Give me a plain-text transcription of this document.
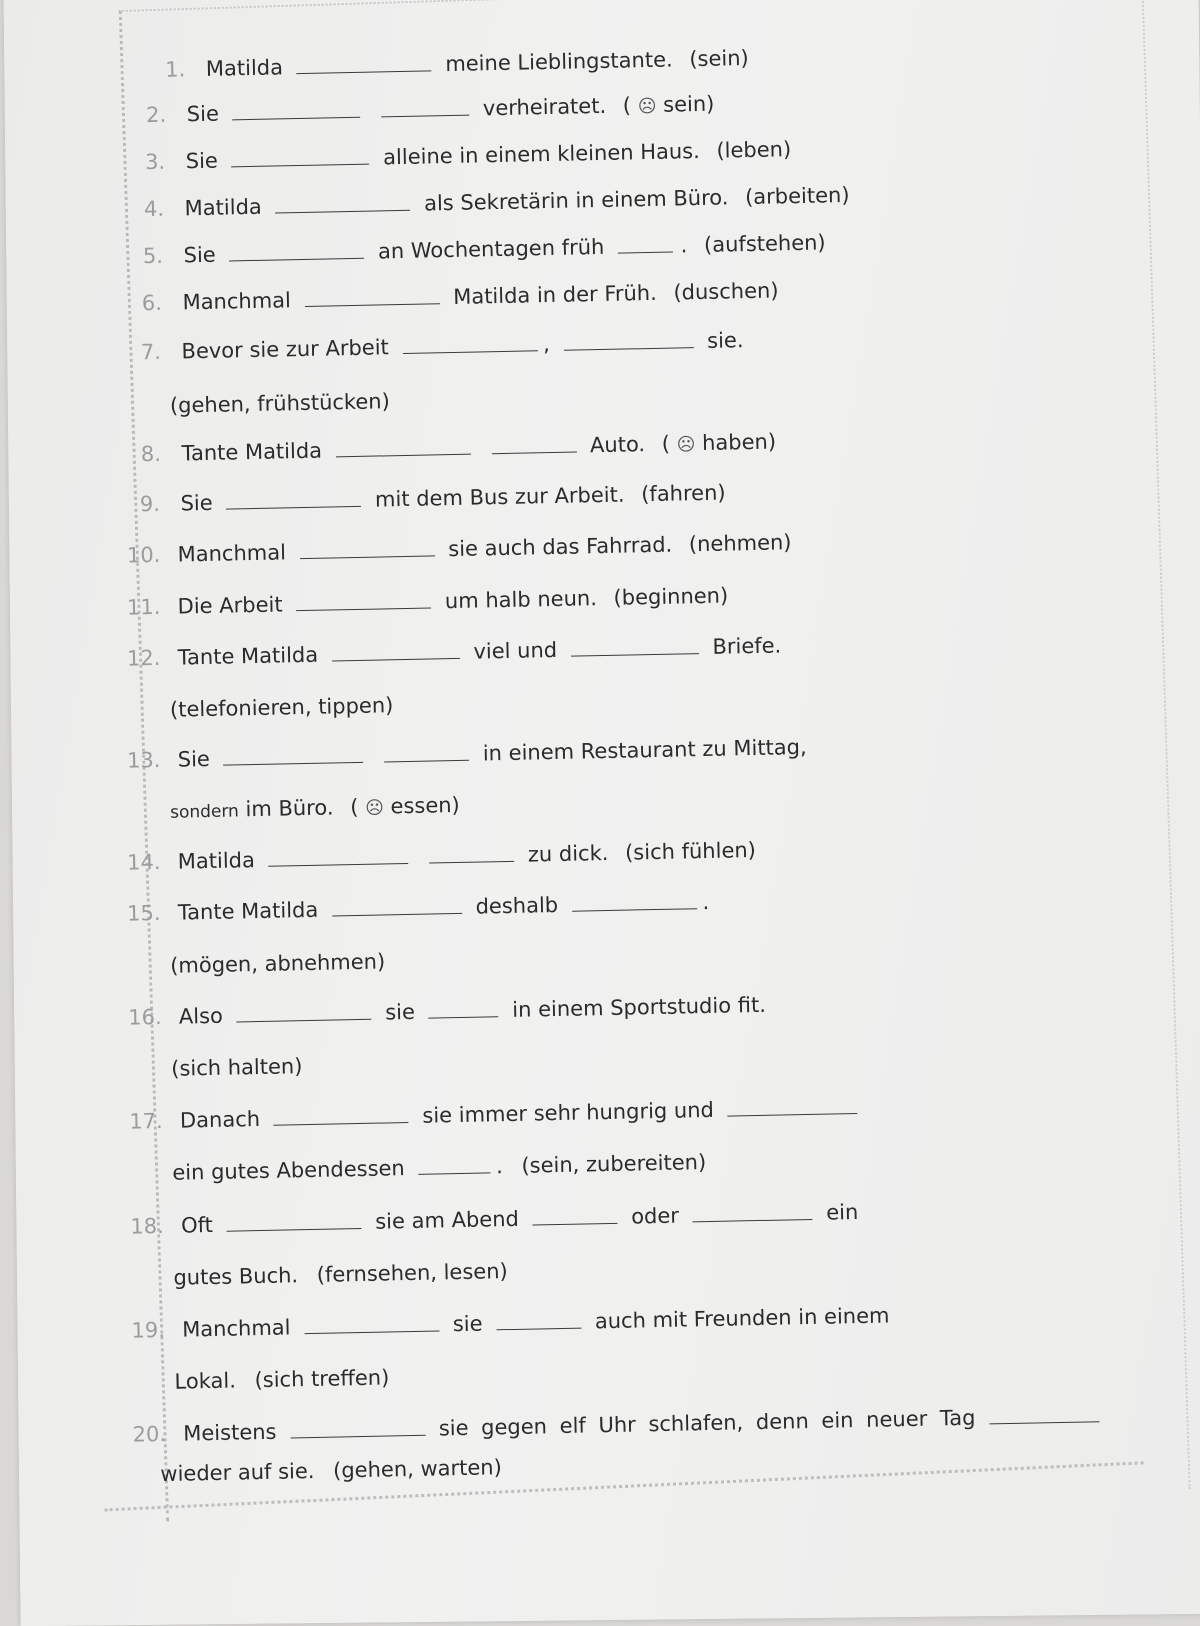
1. Matilda	meine Lieblingstante. (sein)
2. Sie	verheiratet. ( ☹ sein)
3. Sie	alleine in einem kleinen Haus. (leben)
4. Matilda	als Sekretärin in einem Büro. (arbeiten)
5. Sie	an Wochentagen früh	. (aufstehen)
6. Manchmal	Matilda in der Früh. (duschen)
7. Bevor sie zur Arbeit	,	sie.
(gehen, frühstücken)
8. Tante Matilda	Auto. ( ☹ haben)
9. Sie	mit dem Bus zur Arbeit. (fahren)
10. Manchmal	sie auch das Fahrrad. (nehmen)
11. Die Arbeit	um halb neun. (beginnen)
12. Tante Matilda	viel und	Briefe.
(telefonieren, tippen)
13. Sie	in einem Restaurant zu Mittag,
sondern im Büro. ( ☹ essen)
14. Matilda	zu dick. (sich fühlen)
15. Tante Matilda	deshalb	.
(mögen, abnehmen)
16. Also	sie	in einem Sportstudio fit.
(sich halten)
17. Danach	sie immer sehr hungrig und
ein gutes Abendessen	. (sein, zubereiten)
18. Oft	sie am Abend	oder	ein
gutes Buch. (fernsehen, lesen)
19. Manchmal	sie	auch mit Freunden in einem
Lokal. (sich treffen)
20. Meistens	sie gegen elf Uhr schlafen, denn ein neuer Tag
wieder auf sie. (gehen, warten)
